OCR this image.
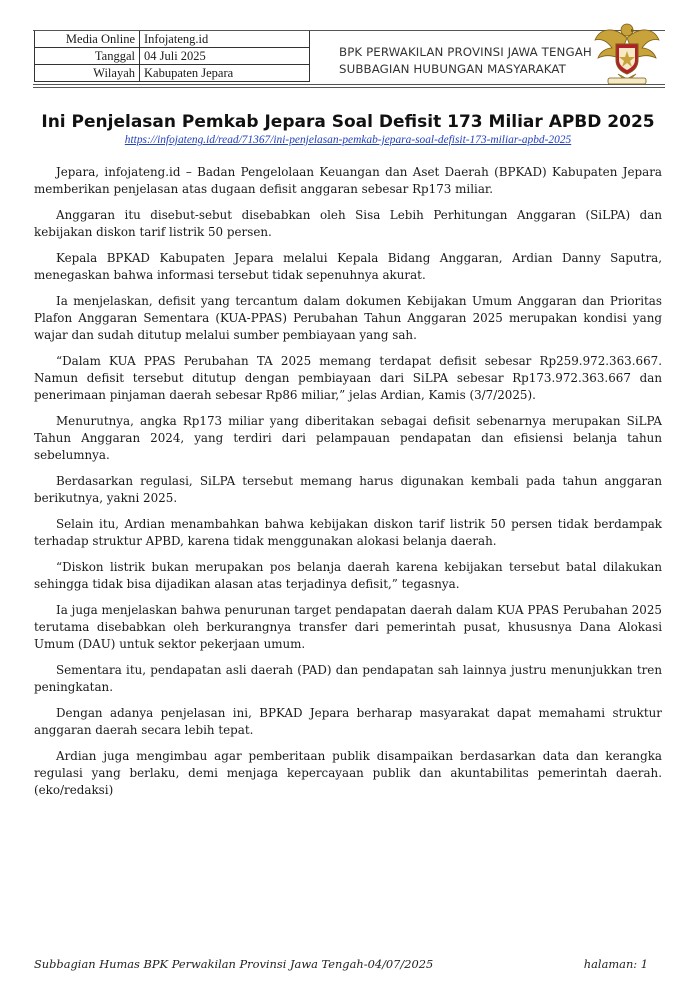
Media Online	Infojateng.id
Tanggal	04 Juli 2025
Wilayah	Kabupaten Jepara
BPK PERWAKILAN PROVINSI JAWA TENGAH
SUBBAGIAN HUBUNGAN MASYARAKAT
Ini Penjelasan Pemkab Jepara Soal Defisit 173 Miliar APBD 2025
https://infojateng.id/read/71367/ini-penjelasan-pemkab-jepara-soal-defisit-173-miliar-apbd-2025

Jepara, infojateng.id – Badan Pengelolaan Keuangan dan Aset Daerah (BPKAD) Kabupaten Jepara memberikan penjelasan atas dugaan defisit anggaran sebesar Rp173 miliar.

Anggaran itu disebut-sebut disebabkan oleh Sisa Lebih Perhitungan Anggaran (SiLPA) dan kebijakan diskon tarif listrik 50 persen.

Kepala BPKAD Kabupaten Jepara melalui Kepala Bidang Anggaran, Ardian Danny Saputra, menegaskan bahwa informasi tersebut tidak sepenuhnya akurat.

Ia menjelaskan, defisit yang tercantum dalam dokumen Kebijakan Umum Anggaran dan Prioritas Plafon Anggaran Sementara (KUA-PPAS) Perubahan Tahun Anggaran 2025 merupakan kondisi yang wajar dan sudah ditutup melalui sumber pembiayaan yang sah.

“Dalam KUA PPAS Perubahan TA 2025 memang terdapat defisit sebesar Rp259.972.363.667. Namun defisit tersebut ditutup dengan pembiayaan dari SiLPA sebesar Rp173.972.363.667 dan penerimaan pinjaman daerah sebesar Rp86 miliar,” jelas Ardian, Kamis (3/7/2025).

Menurutnya, angka Rp173 miliar yang diberitakan sebagai defisit sebenarnya merupakan SiLPA Tahun Anggaran 2024, yang terdiri dari pelampauan pendapatan dan efisiensi belanja tahun sebelumnya.

Berdasarkan regulasi, SiLPA tersebut memang harus digunakan kembali pada tahun anggaran berikutnya, yakni 2025.

Selain itu, Ardian menambahkan bahwa kebijakan diskon tarif listrik 50 persen tidak berdampak terhadap struktur APBD, karena tidak menggunakan alokasi belanja daerah.

“Diskon listrik bukan merupakan pos belanja daerah karena kebijakan tersebut batal dilakukan sehingga tidak bisa dijadikan alasan atas terjadinya defisit,” tegasnya.

Ia juga menjelaskan bahwa penurunan target pendapatan daerah dalam KUA PPAS Perubahan 2025 terutama disebabkan oleh berkurangnya transfer dari pemerintah pusat, khususnya Dana Alokasi Umum (DAU) untuk sektor pekerjaan umum.

Sementara itu, pendapatan asli daerah (PAD) dan pendapatan sah lainnya justru menunjukkan tren peningkatan.

Dengan adanya penjelasan ini, BPKAD Jepara berharap masyarakat dapat memahami struktur anggaran daerah secara lebih tepat.

Ardian juga mengimbau agar pemberitaan publik disampaikan berdasarkan data dan kerangka regulasi yang berlaku, demi menjaga kepercayaan publik dan akuntabilitas pemerintah daerah. (eko/redaksi)

Subbagian Humas BPK Perwakilan Provinsi Jawa Tengah-04/07/2025	halaman: 1
